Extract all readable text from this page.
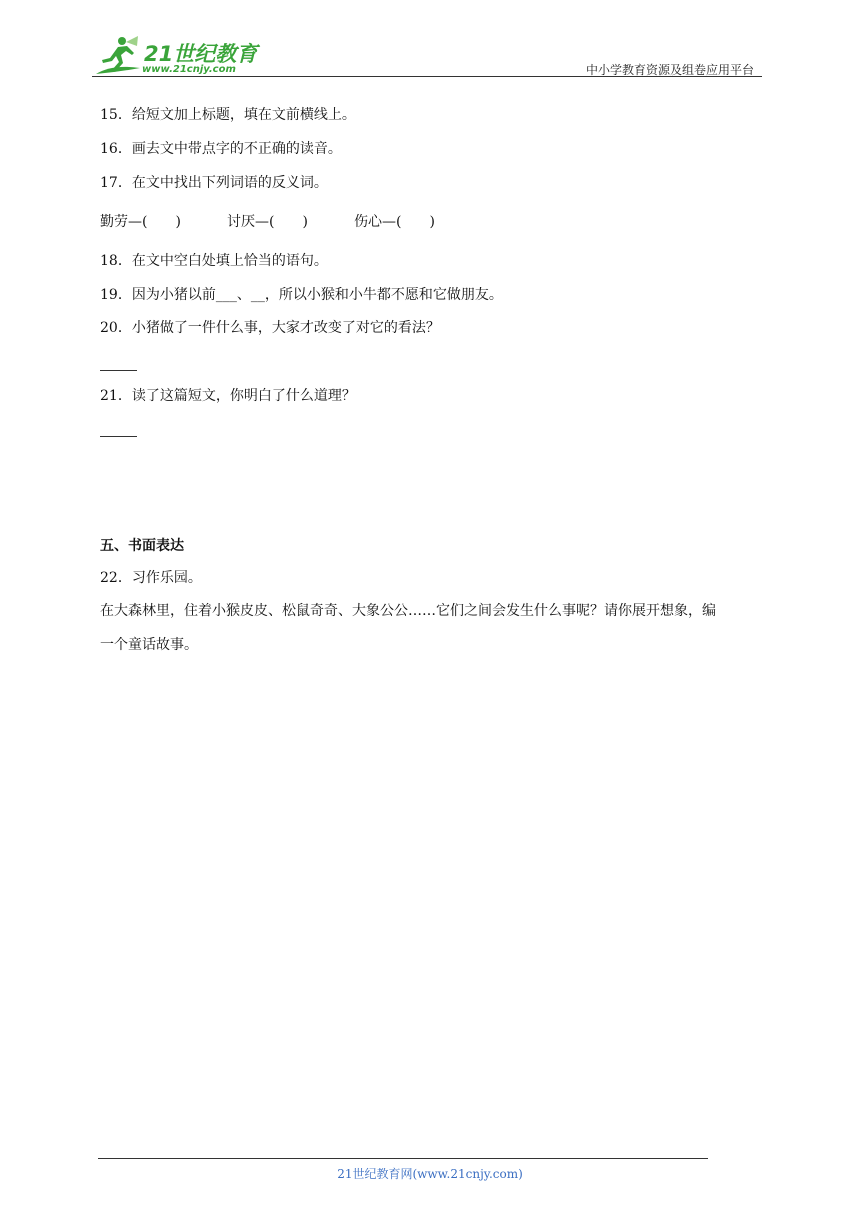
21世纪教育
www.21cnjy.com	中小学教育资源及组卷应用平台
15．给短文加上标题，填在文前横线上。
16．画去文中带点字的不正确的读音。
17．在文中找出下列词语的反义词。
勤劳—(　　)	讨厌—(　　)	伤心—(　　)
18．在文中空白处填上恰当的语句。
19．因为小猪以前___、__，所以小猴和小牛都不愿和它做朋友。
20．小猪做了一件什么事，大家才改变了对它的看法？
21．读了这篇短文，你明白了什么道理？
五、书面表达
22．习作乐园。
在大森林里，住着小猴皮皮、松鼠奇奇、大象公公……它们之间会发生什么事呢？请你展开想象，编
一个童话故事。
21世纪教育网(www.21cnjy.com)
